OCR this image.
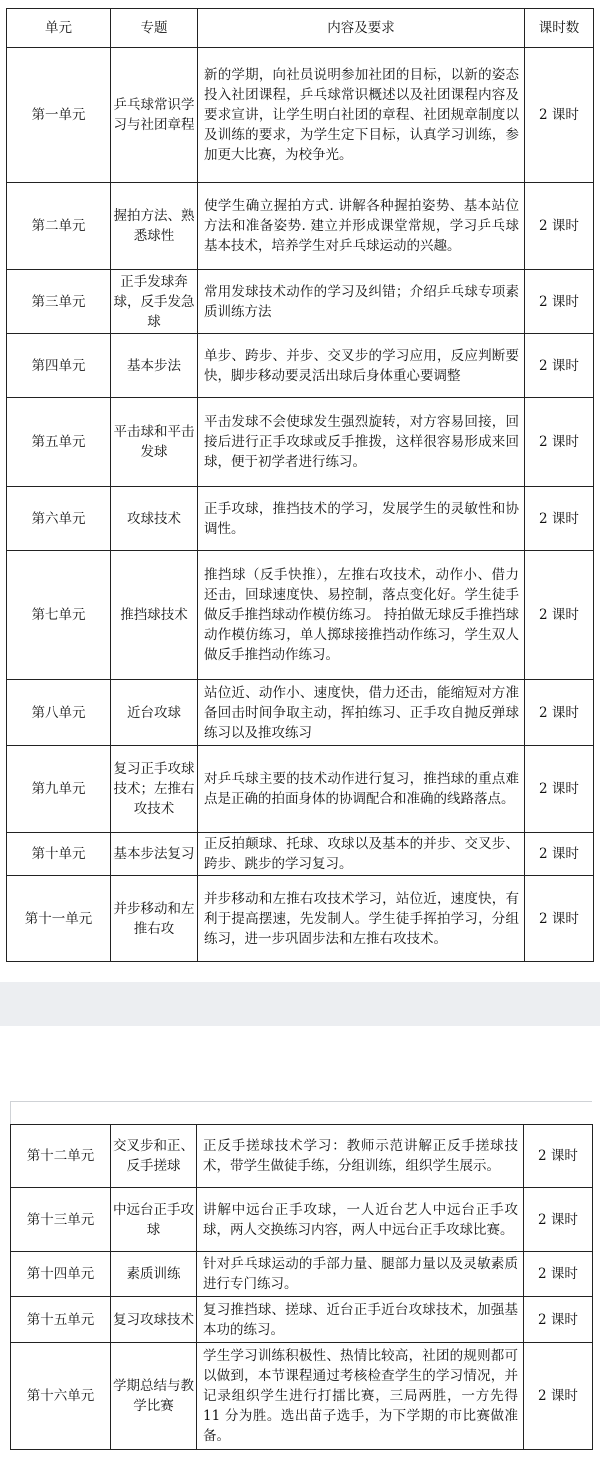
单元	专题	内容及要求	课时数
第一单元	乒乓球常识学习与社团章程	新的学期，向社员说明参加社团的目标，以新的姿态投入社团课程，乒乓球常识概述以及社团课程内容及要求宣讲，让学生明白社团的章程、社团规章制度以及训练的要求，为学生定下目标，认真学习训练，参加更大比赛，为校争光。	2 课时
第二单元	握拍方法、熟悉球性	使学生确立握拍方式. 讲解各种握拍姿势、基本站位方法和准备姿势. 建立并形成课堂常规，学习乒乓球基本技术，培养学生对乒乓球运动的兴趣。	2 课时
第三单元	正手发球奔球，反手发急球	常用发球技术动作的学习及纠错；介绍乒乓球专项素质训练方法	2 课时
第四单元	基本步法	单步、跨步、并步、交叉步的学习应用，反应判断要快，脚步移动要灵活出球后身体重心要调整	2 课时
第五单元	平击球和平击发球	平击发球不会使球发生强烈旋转，对方容易回接，回接后进行正手攻球或反手推拨，这样很容易形成来回球，便于初学者进行练习。	2 课时
第六单元	攻球技术	正手攻球，推挡技术的学习，发展学生的灵敏性和协调性。	2 课时
第七单元	推挡球技术	推挡球（反手快推），左推右攻技术，动作小、借力还击，回球速度快、易控制，落点变化好。学生徒手做反手推挡球动作模仿练习。 持拍做无球反手推挡球动作模仿练习，单人掷球接推挡动作练习，学生双人做反手推挡动作练习。	2 课时
第八单元	近台攻球	站位近、动作小、速度快，借力还击，能缩短对方准备回击时间争取主动，挥拍练习、正手攻自抛反弹球练习以及推攻练习	2 课时
第九单元	复习正手攻球技术；左推右攻技术	对乒乓球主要的技术动作进行复习，推挡球的重点难点是正确的拍面身体的协调配合和准确的线路落点。	2 课时
第十单元	基本步法复习	正反拍颠球、托球、攻球以及基本的并步、交叉步、跨步、跳步的学习复习。	2 课时
第十一单元	并步移动和左推右攻	并步移动和左推右攻技术学习，站位近，速度快，有利于提高摆速，先发制人。学生徒手挥拍学习，分组练习，进一步巩固步法和左推右攻技术。	2 课时
第十二单元	交叉步和正、反手搓球	正反手搓球技术学习：教师示范讲解正反手搓球技术，带学生做徒手练，分组训练，组织学生展示。	2 课时
第十三单元	中远台正手攻球	讲解中远台正手攻球，一人近台艺人中远台正手攻球，两人交换练习内容，两人中远台正手攻球比赛。	2 课时
第十四单元	素质训练	针对乒乓球运动的手部力量、腿部力量以及灵敏素质进行专门练习。	2 课时
第十五单元	复习攻球技术	复习推挡球、搓球、近台正手近台攻球技术，加强基本功的练习。	2 课时
第十六单元	学期总结与教学比赛	学生学习训练积极性、热情比较高，社团的规则都可以做到，本节课程通过考核检查学生的学习情况，并记录组织学生进行打擂比赛，三局两胜，一方先得 11 分为胜。选出苗子选手，为下学期的市比赛做准备。	2 课时
